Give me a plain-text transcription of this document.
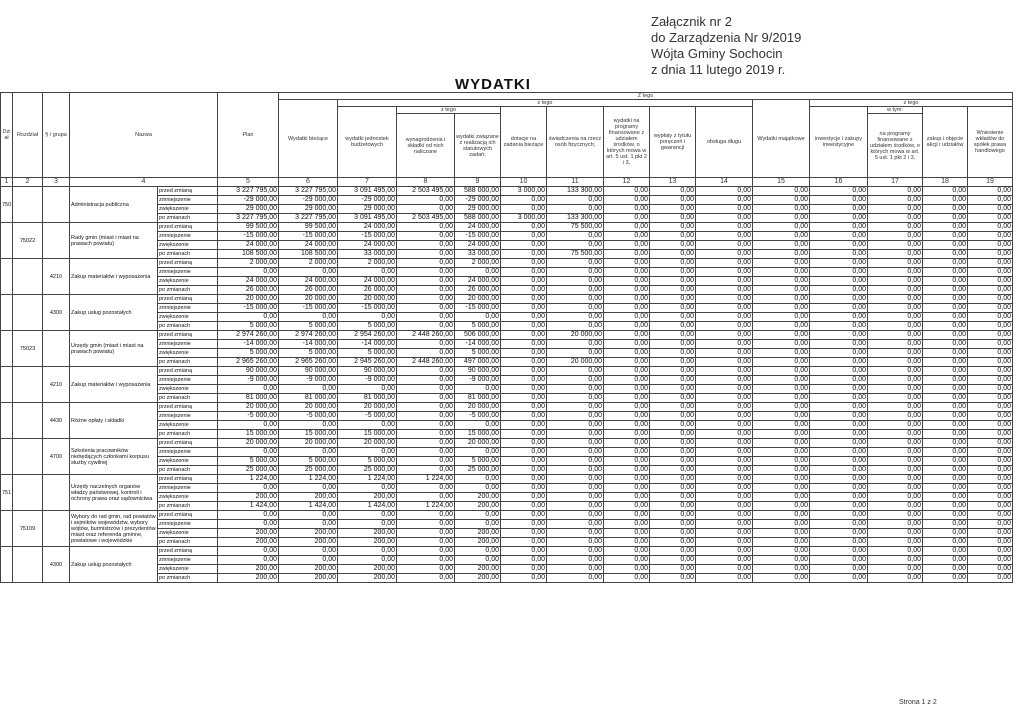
Załącznik nr 2
do Zarządzenia Nr 9/2019
Wójta Gminy Sochocin
z dnia 11 lutego 2019 r.
WYDATKI
Dzi ał	Rozdział	§ / grupa	Nazwa		Plan	Z tego													
						Wydatki bieżące	z tego								Wydatki majątkowe	z tego			
							wydatki jednostek budżetowych	z tego		dotacje na zadania bieżące	świadczenia na rzecz osób fizycznych;	wydatki na programy finansowane z udziałem środków, o których mowa w art. 5 ust. 1 pkt 2 i 3,	wypłaty z tytułu poręczeń i gwarancji	obsługa długu		inwestycje i zakupy inwestycyjne	w tym:	zakup i objęcie akcji i udziałów	Wniesienie wkładów do spółek prawa handlowego
								wynagrodzenia i składki od nich naliczane	wydatki związane z realizacją ich statutowych zadań;								na programy finansowane z udziałem środków, o których mowa w art. 5 ust. 1 pkt 2 i 3,		
1	2	3	4		5	6	7	8	9	10	11	12	13	14	15	16	17	18	19
750			Administracja publiczna	przed zmianą	3 227 795,00	3 227 795,00	3 091 495,00	2 503 495,00	588 000,00	3 000,00	133 300,00	0,00	0,00	0,00	0,00	0,00	0,00	0,00	0,00
				zmniejszenie	-29 000,00	-29 000,00	-29 000,00	0,00	-29 000,00	0,00	0,00	0,00	0,00	0,00	0,00	0,00	0,00	0,00	0,00
				zwiększenie	29 000,00	29 000,00	29 000,00	0,00	29 000,00	0,00	0,00	0,00	0,00	0,00	0,00	0,00	0,00	0,00	0,00
				po zmianach	3 227 795,00	3 227 795,00	3 091 495,00	2 503 495,00	588 000,00	3 000,00	133 300,00	0,00	0,00	0,00	0,00	0,00	0,00	0,00	0,00
	75022		Rady gmin (miast i miast na prawach powiatu)	przed zmianą	99 500,00	99 500,00	24 000,00	0,00	24 000,00	0,00	75 500,00	0,00	0,00	0,00	0,00	0,00	0,00	0,00	0,00
				zmniejszenie	-15 000,00	-15 000,00	-15 000,00	0,00	-15 000,00	0,00	0,00	0,00	0,00	0,00	0,00	0,00	0,00	0,00	0,00
				zwiększenie	24 000,00	24 000,00	24 000,00	0,00	24 000,00	0,00	0,00	0,00	0,00	0,00	0,00	0,00	0,00	0,00	0,00
				po zmianach	108 500,00	108 500,00	33 000,00	0,00	33 000,00	0,00	75 500,00	0,00	0,00	0,00	0,00	0,00	0,00	0,00	0,00
		4210	Zakup materiałów i wyposażenia	przed zmianą	2 000,00	2 000,00	2 000,00	0,00	2 000,00	0,00	0,00	0,00	0,00	0,00	0,00	0,00	0,00	0,00	0,00
				zmniejszenie	0,00	0,00	0,00	0,00	0,00	0,00	0,00	0,00	0,00	0,00	0,00	0,00	0,00	0,00	0,00
				zwiększenie	24 000,00	24 000,00	24 000,00	0,00	24 000,00	0,00	0,00	0,00	0,00	0,00	0,00	0,00	0,00	0,00	0,00
				po zmianach	26 000,00	26 000,00	26 000,00	0,00	26 000,00	0,00	0,00	0,00	0,00	0,00	0,00	0,00	0,00	0,00	0,00
		4300	Zakup usług pozostałych	przed zmianą	20 000,00	20 000,00	20 000,00	0,00	20 000,00	0,00	0,00	0,00	0,00	0,00	0,00	0,00	0,00	0,00	0,00
				zmniejszenie	-15 000,00	-15 000,00	-15 000,00	0,00	-15 000,00	0,00	0,00	0,00	0,00	0,00	0,00	0,00	0,00	0,00	0,00
				zwiększenie	0,00	0,00	0,00	0,00	0,00	0,00	0,00	0,00	0,00	0,00	0,00	0,00	0,00	0,00	0,00
				po zmianach	5 000,00	5 000,00	5 000,00	0,00	5 000,00	0,00	0,00	0,00	0,00	0,00	0,00	0,00	0,00	0,00	0,00
	75023		Urzędy gmin (miast i miast na prawach powiatu)	przed zmianą	2 974 260,00	2 974 260,00	2 954 260,00	2 448 260,00	506 000,00	0,00	20 000,00	0,00	0,00	0,00	0,00	0,00	0,00	0,00	0,00
				zmniejszenie	-14 000,00	-14 000,00	-14 000,00	0,00	-14 000,00	0,00	0,00	0,00	0,00	0,00	0,00	0,00	0,00	0,00	0,00
				zwiększenie	5 000,00	5 000,00	5 000,00	0,00	5 000,00	0,00	0,00	0,00	0,00	0,00	0,00	0,00	0,00	0,00	0,00
				po zmianach	2 965 260,00	2 965 260,00	2 945 260,00	2 448 260,00	497 000,00	0,00	20 000,00	0,00	0,00	0,00	0,00	0,00	0,00	0,00	0,00
		4210	Zakup materiałów i wyposażenia	przed zmianą	90 000,00	90 000,00	90 000,00	0,00	90 000,00	0,00	0,00	0,00	0,00	0,00	0,00	0,00	0,00	0,00	0,00
				zmniejszenie	-9 000,00	-9 000,00	-9 000,00	0,00	-9 000,00	0,00	0,00	0,00	0,00	0,00	0,00	0,00	0,00	0,00	0,00
				zwiększenie	0,00	0,00	0,00	0,00	0,00	0,00	0,00	0,00	0,00	0,00	0,00	0,00	0,00	0,00	0,00
				po zmianach	81 000,00	81 000,00	81 000,00	0,00	81 000,00	0,00	0,00	0,00	0,00	0,00	0,00	0,00	0,00	0,00	0,00
		4430	Różne opłaty i składki	przed zmianą	20 000,00	20 000,00	20 000,00	0,00	20 000,00	0,00	0,00	0,00	0,00	0,00	0,00	0,00	0,00	0,00	0,00
				zmniejszenie	-5 000,00	-5 000,00	-5 000,00	0,00	-5 000,00	0,00	0,00	0,00	0,00	0,00	0,00	0,00	0,00	0,00	0,00
				zwiększenie	0,00	0,00	0,00	0,00	0,00	0,00	0,00	0,00	0,00	0,00	0,00	0,00	0,00	0,00	0,00
				po zmianach	15 000,00	15 000,00	15 000,00	0,00	15 000,00	0,00	0,00	0,00	0,00	0,00	0,00	0,00	0,00	0,00	0,00
		4700	Szkolenia pracowników niebędących członkami korpusu służby cywilnej	przed zmianą	20 000,00	20 000,00	20 000,00	0,00	20 000,00	0,00	0,00	0,00	0,00	0,00	0,00	0,00	0,00	0,00	0,00
				zmniejszenie	0,00	0,00	0,00	0,00	0,00	0,00	0,00	0,00	0,00	0,00	0,00	0,00	0,00	0,00	0,00
				zwiększenie	5 000,00	5 000,00	5 000,00	0,00	5 000,00	0,00	0,00	0,00	0,00	0,00	0,00	0,00	0,00	0,00	0,00
				po zmianach	25 000,00	25 000,00	25 000,00	0,00	25 000,00	0,00	0,00	0,00	0,00	0,00	0,00	0,00	0,00	0,00	0,00
751			Urzędy naczelnych organów władzy państwowej, kontroli i ochrony prawa oraz sądownictwa	przed zmianą	1 224,00	1 224,00	1 224,00	1 224,00	0,00	0,00	0,00	0,00	0,00	0,00	0,00	0,00	0,00	0,00	0,00
				zmniejszenie	0,00	0,00	0,00	0,00	0,00	0,00	0,00	0,00	0,00	0,00	0,00	0,00	0,00	0,00	0,00
				zwiększenie	200,00	200,00	200,00	0,00	200,00	0,00	0,00	0,00	0,00	0,00	0,00	0,00	0,00	0,00	0,00
				po zmianach	1 424,00	1 424,00	1 424,00	1 224,00	200,00	0,00	0,00	0,00	0,00	0,00	0,00	0,00	0,00	0,00	0,00
	75109		Wybory do rad gmin, rad powiatów i sejmików województw, wybory wójtów, burmistrzów i prezydentów miast oraz referenda gminne, powiatowe i wojewódzkie	przed zmianą	0,00	0,00	0,00	0,00	0,00	0,00	0,00	0,00	0,00	0,00	0,00	0,00	0,00	0,00	0,00
				zmniejszenie	0,00	0,00	0,00	0,00	0,00	0,00	0,00	0,00	0,00	0,00	0,00	0,00	0,00	0,00	0,00
				zwiększenie	200,00	200,00	200,00	0,00	200,00	0,00	0,00	0,00	0,00	0,00	0,00	0,00	0,00	0,00	0,00
				po zmianach	200,00	200,00	200,00	0,00	200,00	0,00	0,00	0,00	0,00	0,00	0,00	0,00	0,00	0,00	0,00
		4300	Zakup usług pozostałych	przed zmianą	0,00	0,00	0,00	0,00	0,00	0,00	0,00	0,00	0,00	0,00	0,00	0,00	0,00	0,00	0,00
				zmniejszenie	0,00	0,00	0,00	0,00	0,00	0,00	0,00	0,00	0,00	0,00	0,00	0,00	0,00	0,00	0,00
				zwiększenie	200,00	200,00	200,00	0,00	200,00	0,00	0,00	0,00	0,00	0,00	0,00	0,00	0,00	0,00	0,00
				po zmianach	200,00	200,00	200,00	0,00	200,00	0,00	0,00	0,00	0,00	0,00	0,00	0,00	0,00	0,00	0,00
Strona 1 z 2
